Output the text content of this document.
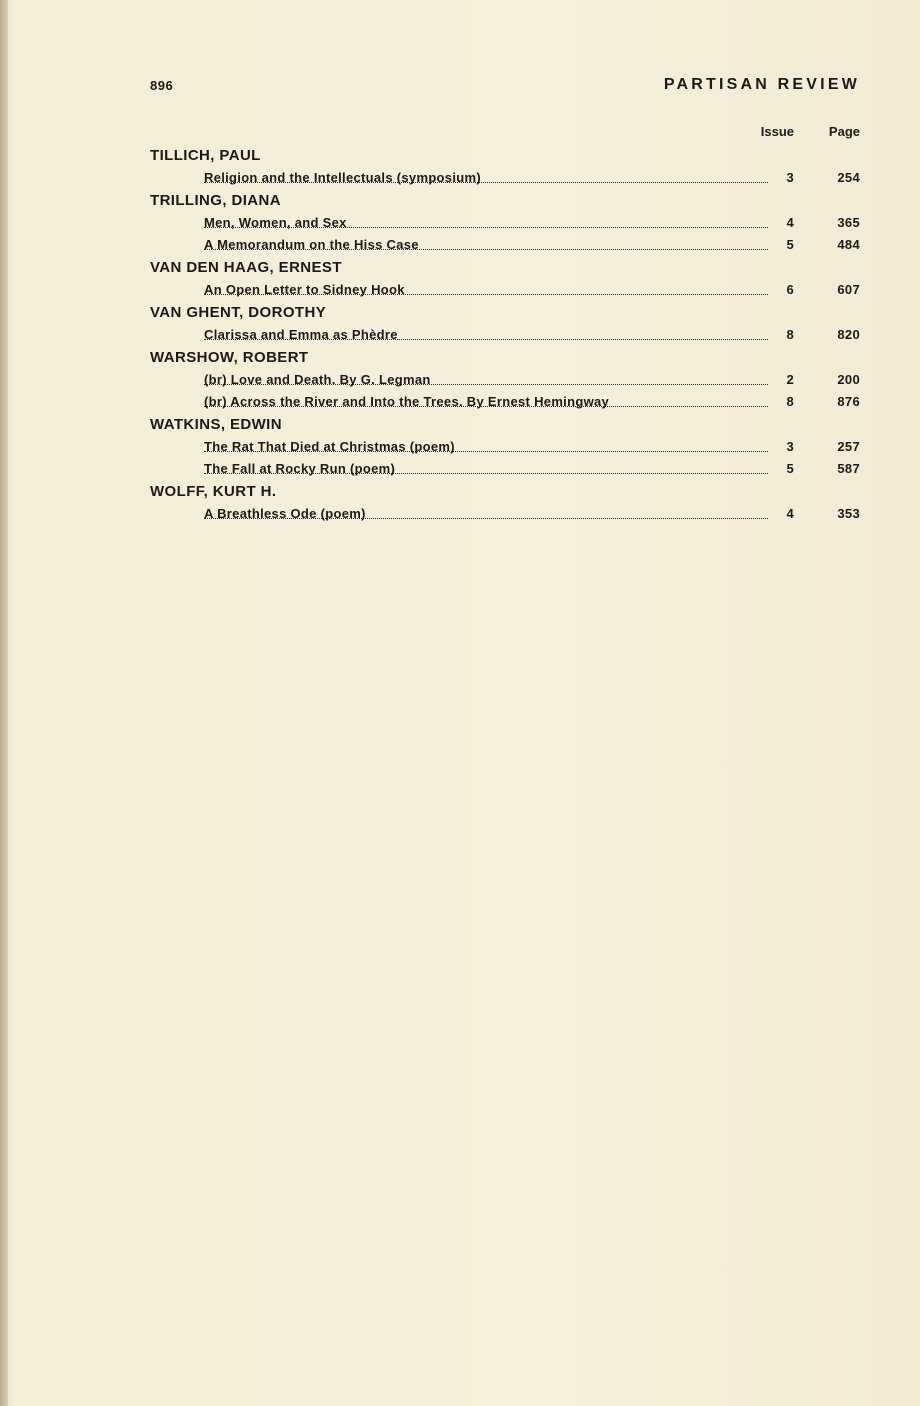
896	PARTISAN REVIEW
Issue	Page
TILLICH, PAUL
Religion and the Intellectuals (symposium)	3	254
TRILLING, DIANA
Men, Women, and Sex	4	365
A Memorandum on the Hiss Case	5	484
VAN DEN HAAG, ERNEST
An Open Letter to Sidney Hook	6	607
VAN GHENT, DOROTHY
Clarissa and Emma as Phèdre	8	820
WARSHOW, ROBERT
(br) Love and Death. By G. Legman	2	200
(br) Across the River and Into the Trees. By Ernest Hemingway	8	876
WATKINS, EDWIN
The Rat That Died at Christmas (poem)	3	257
The Fall at Rocky Run (poem)	5	587
WOLFF, KURT H.
A Breathless Ode (poem)	4	353
